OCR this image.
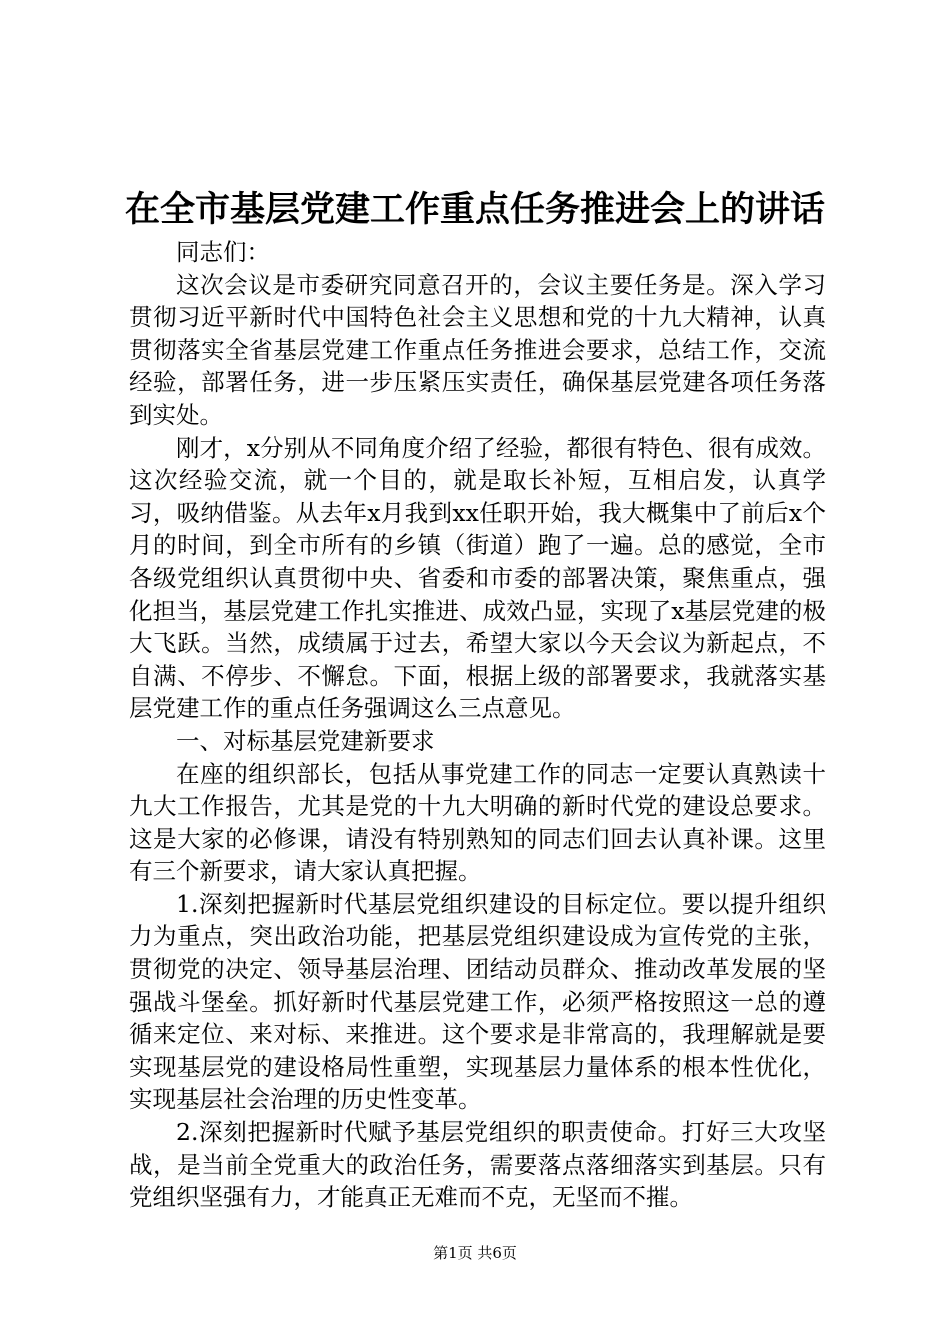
在全市基层党建工作重点任务推进会上的讲话

同志们：

这次会议是市委研究同意召开的，会议主要任务是。深入学习贯彻习近平新时代中国特色社会主义思想和党的十九大精神，认真贯彻落实全省基层党建工作重点任务推进会要求，总结工作，交流经验，部署任务，进一步压紧压实责任，确保基层党建各项任务落到实处。

刚才，x分别从不同角度介绍了经验，都很有特色、很有成效。这次经验交流，就一个目的，就是取长补短，互相启发，认真学习，吸纳借鉴。从去年x月我到xx任职开始，我大概集中了前后x个月的时间，到全市所有的乡镇（街道）跑了一遍。总的感觉，全市各级党组织认真贯彻中央、省委和市委的部署决策，聚焦重点，强化担当，基层党建工作扎实推进、成效凸显，实现了x基层党建的极大飞跃。当然，成绩属于过去，希望大家以今天会议为新起点，不自满、不停步、不懈怠。下面，根据上级的部署要求，我就落实基层党建工作的重点任务强调这么三点意见。

一、对标基层党建新要求

在座的组织部长，包括从事党建工作的同志一定要认真熟读十九大工作报告，尤其是党的十九大明确的新时代党的建设总要求。这是大家的必修课，请没有特别熟知的同志们回去认真补课。这里有三个新要求，请大家认真把握。

1.深刻把握新时代基层党组织建设的目标定位。要以提升组织力为重点，突出政治功能，把基层党组织建设成为宣传党的主张，贯彻党的决定、领导基层治理、团结动员群众、推动改革发展的坚强战斗堡垒。抓好新时代基层党建工作，必须严格按照这一总的遵循来定位、来对标、来推进。这个要求是非常高的，我理解就是要实现基层党的建设格局性重塑，实现基层力量体系的根本性优化，实现基层社会治理的历史性变革。

2.深刻把握新时代赋予基层党组织的职责使命。打好三大攻坚战，是当前全党重大的政治任务，需要落点落细落实到基层。只有党组织坚强有力，才能真正无难而不克，无坚而不摧。

第1页 共6页
